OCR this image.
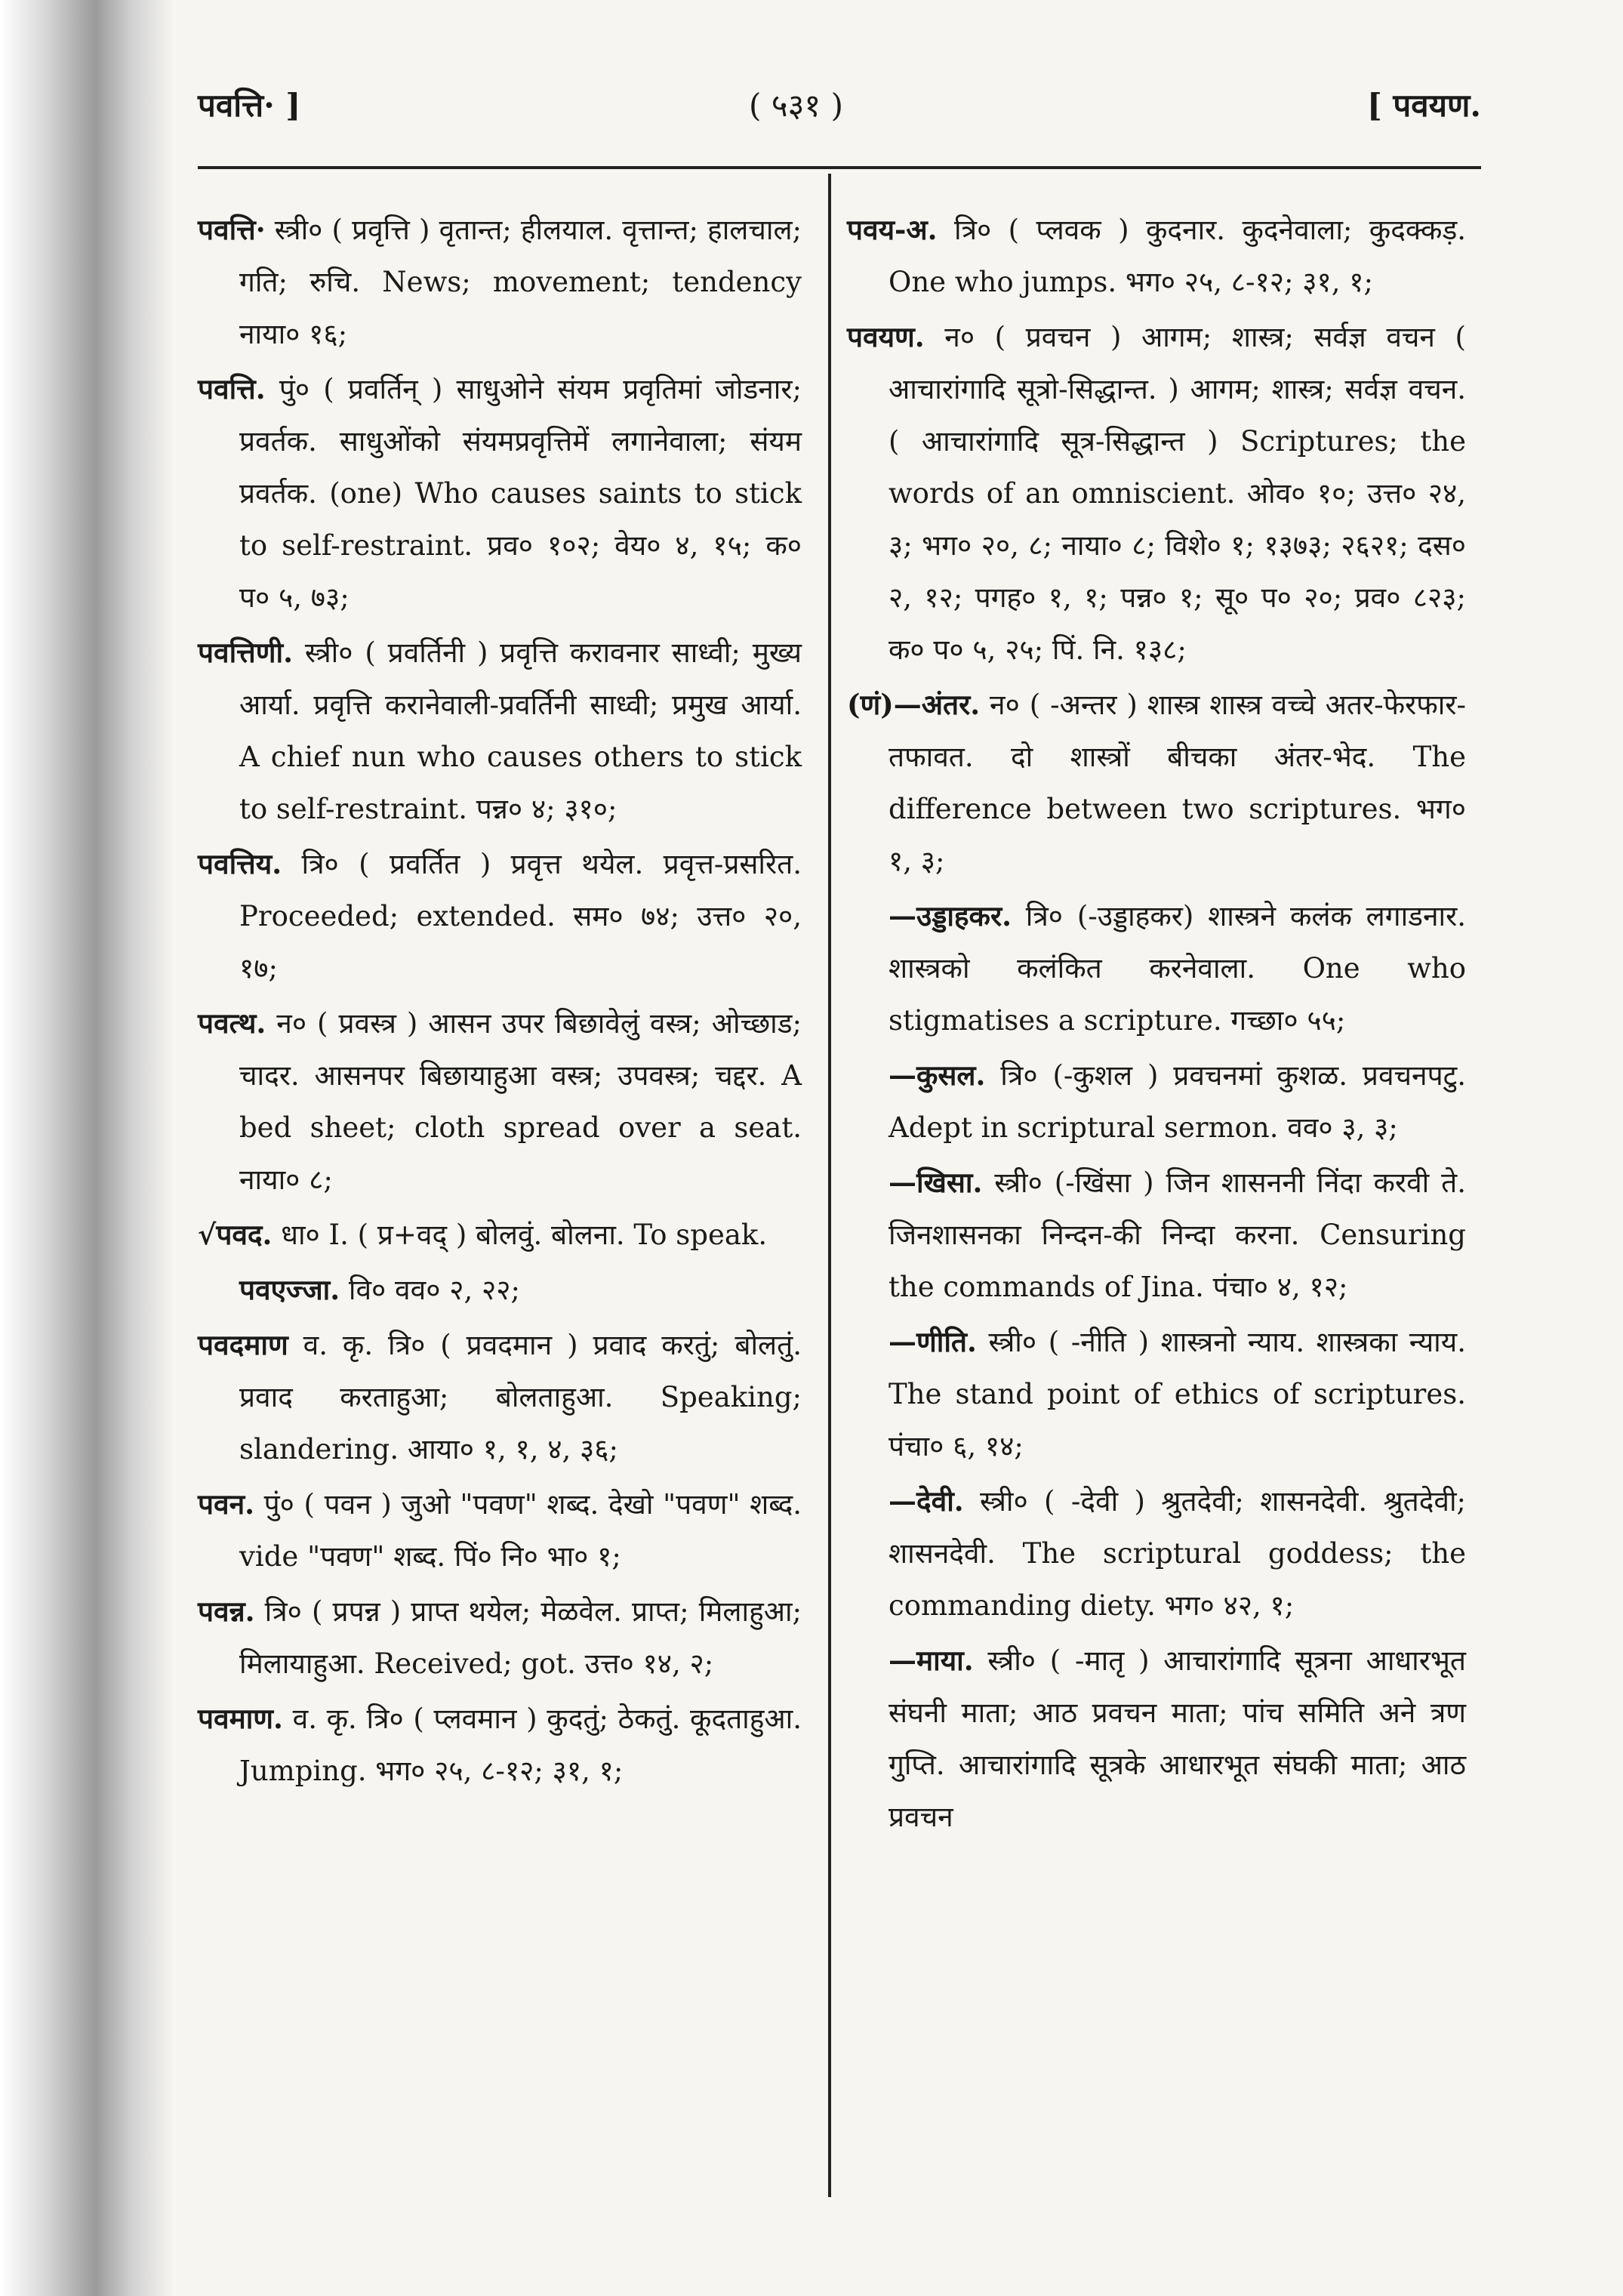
पवत्ति· ]	( ५३१ )	[ पवयण.

पवत्ति· स्त्री० ( प्रवृत्ति ) वृतान्त; हीलयाल. वृत्तान्त; हालचाल; गति; रुचि. News; movement; tendency नाया० १६;

पवत्ति. पुं० ( प्रवर्तिन् ) साधुओने संयम प्रवृतिमां जोडनार; प्रवर्तक. साधुओंको संयमप्रवृत्तिमें लगानेवाला; संयम प्रवर्तक. (one) Who causes saints to stick to self-restraint. प्रव० १०२; वेय० ४, १५; क० प० ५, ७३;

पवत्तिणी. स्त्री० ( प्रवर्तिनी ) प्रवृत्ति करावनार साध्वी; मुख्य आर्या. प्रवृत्ति करानेवाली-प्रवर्तिनी साध्वी; प्रमुख आर्या. A chief nun who causes others to stick to self-restraint. पन्न० ४; ३१०;

पवत्तिय. त्रि० ( प्रवर्तित ) प्रवृत्त थयेल. प्रवृत्त-प्रसरित. Proceeded; extended. सम० ७४; उत्त० २०, १७;

पवत्थ. न० ( प्रवस्त्र ) आसन उपर बिछावेलुं वस्त्र; ओच्छाड; चादर. आसनपर बिछायाहुआ वस्त्र; उपवस्त्र; चद्दर. A bed sheet; cloth spread over a seat. नाया० ८;

√पवद. धा० I. ( प्र+वद् ) बोलवुं. बोलना. To speak.

पवएज्जा. वि० वव० २, २२;

पवदमाण व. कृ. त्रि० ( प्रवदमान ) प्रवाद करतुं; बोलतुं. प्रवाद करताहुआ; बोलताहुआ. Speaking; slandering. आया० १, १, ४, ३६;

पवन. पुं० ( पवन ) जुओ "पवण" शब्द. देखो "पवण" शब्द. vide "पवण" शब्द. पिं० नि० भा० १;

पवन्न. त्रि० ( प्रपन्न ) प्राप्त थयेल; मेळवेल. प्राप्त; मिलाहुआ; मिलायाहुआ. Received; got. उत्त० १४, २;

पवमाण. व. कृ. त्रि० ( प्लवमान ) कुदतुं; ठेकतुं. कूदताहुआ. Jumping. भग० २५, ८-१२; ३१, १;

पवय-अ. त्रि० ( प्लवक ) कुदनार. कुदनेवाला; कुदक्कड़. One who jumps. भग० २५, ८-१२; ३१, १;

पवयण. न० ( प्रवचन ) आगम; शास्त्र; सर्वज्ञ वचन ( आचारांगादि सूत्रो-सिद्धान्त. ) आगम; शास्त्र; सर्वज्ञ वचन. ( आचारांगादि सूत्र-सिद्धान्त ) Scriptures; the words of an omniscient. ओव० १०; उत्त० २४, ३; भग० २०, ८; नाया० ८; विशे० १; १३७३; २६२१; दस० २, १२; पगह० १, १; पन्न० १; सू० प० २०; प्रव० ८२३; क० प० ५, २५; पिं. नि. १३८;

(णं)—अंतर. न० ( -अन्तर ) शास्त्र शास्त्र वच्चे अतर-फेरफार-तफावत. दो शास्त्रों बीचका अंतर-भेद. The difference between two scriptures. भग० १, ३;

—उड्डाहकर. त्रि० (-उड्डाहकर) शास्त्रने कलंक लगाडनार. शास्त्रको कलंकित करनेवाला. One who stigmatises a scripture. गच्छा० ५५;

—कुसल. त्रि० (-कुशल ) प्रवचनमां कुशळ. प्रवचनपटु. Adept in scriptural sermon. वव० ३, ३;

—खिसा. स्त्री० (-खिंसा ) जिन शासननी निंदा करवी ते. जिनशासनका निन्दन-की निन्दा करना. Censuring the commands of Jina. पंचा० ४, १२;

—णीति. स्त्री० ( -नीति ) शास्त्रनो न्याय. शास्त्रका न्याय. The stand point of ethics of scriptures. पंचा० ६, १४;

—देवी. स्त्री० ( -देवी ) श्रुतदेवी; शासनदेवी. श्रुतदेवी; शासनदेवी. The scriptural goddess; the commanding diety. भग० ४२, १;

—माया. स्त्री० ( -मातृ ) आचारांगादि सूत्रना आधारभूत संघनी माता; आठ प्रवचन माता; पांच समिति अने त्रण गुप्ति. आचारांगादि सूत्रके आधारभूत संघकी माता; आठ प्रवचन
